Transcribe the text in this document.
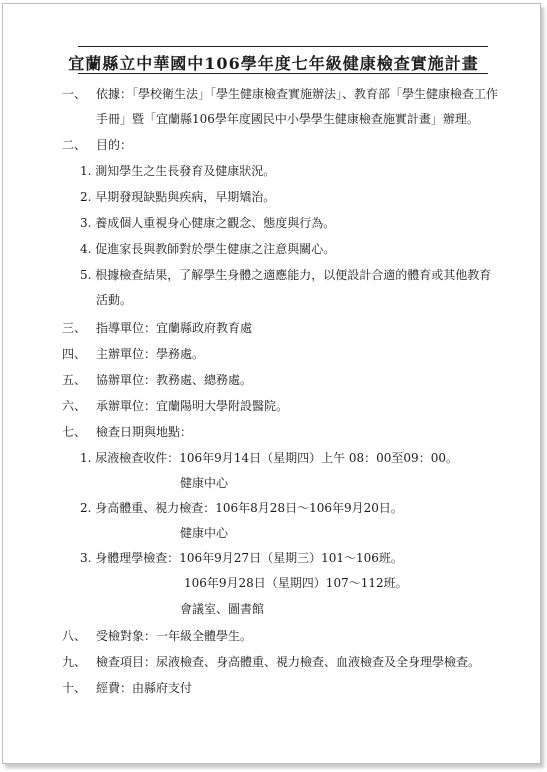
宜蘭縣立中華國中106學年度七年級健康檢查實施計畫
一、 依據：「學校衛生法」「學生健康檢查實施辦法」、教育部「學生健康檢查工作
手冊」暨「宜蘭縣106學年度國民中小學學生健康檢查施實計畫」辦理。
二、 目的：
1. 測知學生之生長發育及健康狀況。
2. 早期發現缺點與疾病，早期矯治。
3. 養成個人重視身心健康之觀念、態度與行為。
4. 促進家長與教師對於學生健康之注意與關心。
5. 根據檢查結果，了解學生身體之適應能力，以便設計合適的體育或其他教育
活動。
三、 指導單位：宜蘭縣政府教育處
四、 主辦單位：學務處。
五、 協辦單位：教務處、總務處。
六、 承辦單位：宜蘭陽明大學附設醫院。
七、 檢查日期與地點：
1. 尿液檢查收件：106年9月14日（星期四）上午 08：00至09：00。
健康中心
2. 身高體重、視力檢查：106年8月28日～106年9月20日。
健康中心
3. 身體理學檢查：106年9月27日（星期三）101～106班。
106年9月28日（星期四）107～112班。
會議室、圖書館
八、 受檢對象：一年級全體學生。
九、 檢查項目：尿液檢查、身高體重、視力檢查、血液檢查及全身理學檢查。
十、 經費：由縣府支付
